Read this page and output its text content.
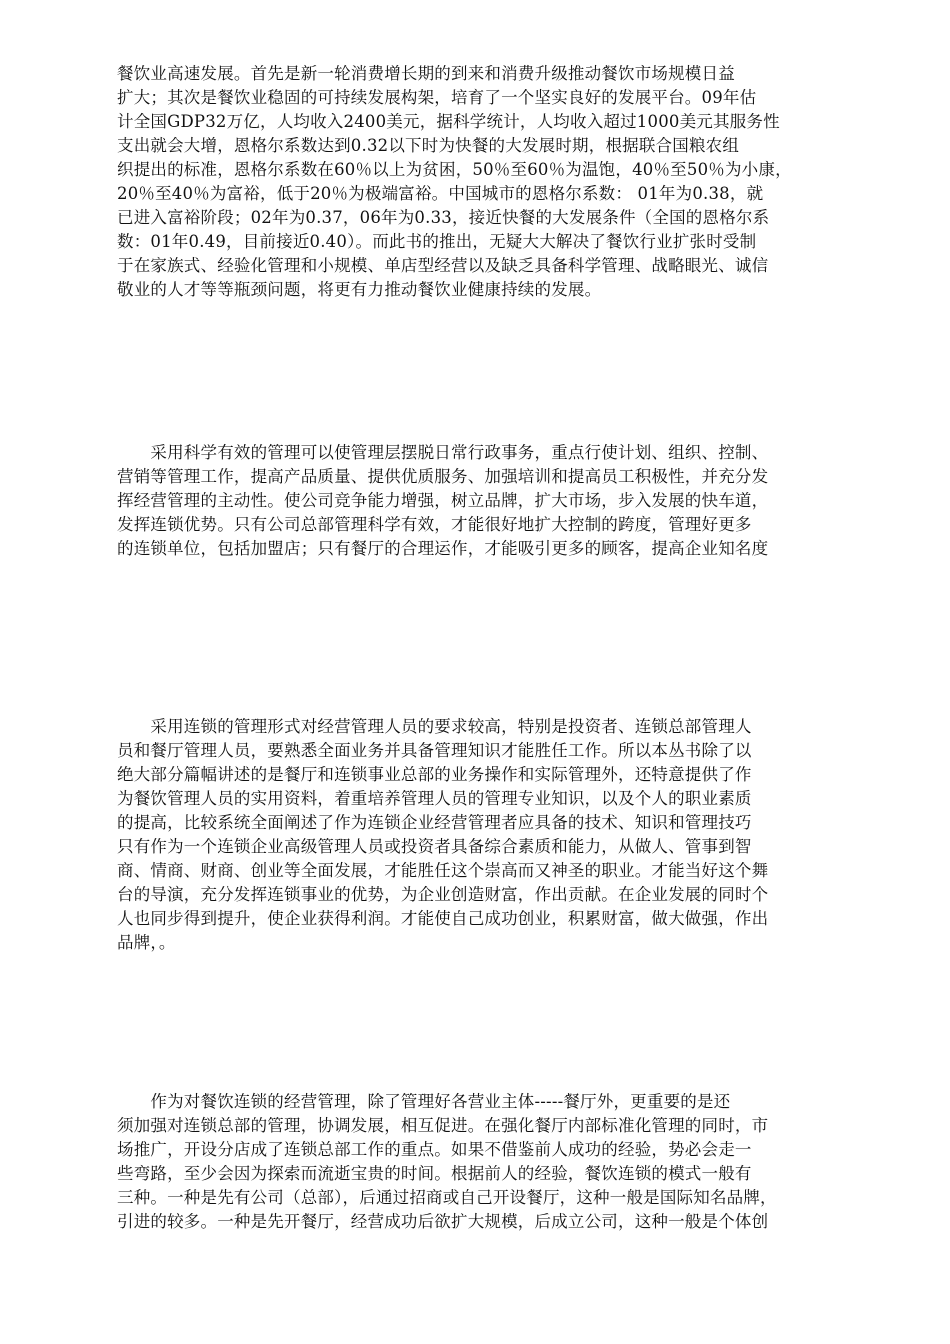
餐饮业高速发展。首先是新一轮消费增长期的到来和消费升级推动餐饮市场规模日益
扩大；其次是餐饮业稳固的可持续发展构架，培育了一个坚实良好的发展平台。09年估
计全国GDP32万亿，人均收入2400美元，据科学统计，人均收入超过1000美元其服务性
支出就会大增，恩格尔系数达到0.32以下时为快餐的大发展时期，根据联合国粮农组
织提出的标准，恩格尔系数在60％以上为贫困，50％至60％为温饱，40％至50％为小康，
20％至40％为富裕，低于20％为极端富裕。中国城市的恩格尔系数： 01年为0.38，就
已进入富裕阶段；02年为0.37，06年为0.33，接近快餐的大发展条件（全国的恩格尔系
数：01年0.49，目前接近0.40）。而此书的推出，无疑大大解决了餐饮行业扩张时受制
于在家族式、经验化管理和小规模、单店型经营以及缺乏具备科学管理、战略眼光、诚信
敬业的人才等等瓶颈问题，将更有力推动餐饮业健康持续的发展。
　　采用科学有效的管理可以使管理层摆脱日常行政事务，重点行使计划、组织、控制、
营销等管理工作，提高产品质量、提供优质服务、加强培训和提高员工积极性，并充分发
挥经营管理的主动性。使公司竞争能力增强，树立品牌，扩大市场，步入发展的快车道，
发挥连锁优势。只有公司总部管理科学有效，才能很好地扩大控制的跨度，管理好更多
的连锁单位，包括加盟店；只有餐厅的合理运作，才能吸引更多的顾客，提高企业知名度
　　采用连锁的管理形式对经营管理人员的要求较高，特别是投资者、连锁总部管理人
员和餐厅管理人员，要熟悉全面业务并具备管理知识才能胜任工作。所以本丛书除了以
绝大部分篇幅讲述的是餐厅和连锁事业总部的业务操作和实际管理外，还特意提供了作
为餐饮管理人员的实用资料，着重培养管理人员的管理专业知识，以及个人的职业素质
的提高，比较系统全面阐述了作为连锁企业经营管理者应具备的技术、知识和管理技巧
只有作为一个连锁企业高级管理人员或投资者具备综合素质和能力，从做人、管事到智
商、情商、财商、创业等全面发展，才能胜任这个崇高而又神圣的职业。才能当好这个舞
台的导演，充分发挥连锁事业的优势，为企业创造财富，作出贡献。在企业发展的同时个
人也同步得到提升，使企业获得利润。才能使自己成功创业，积累财富，做大做强，作出
品牌，。
　　作为对餐饮连锁的经营管理，除了管理好各营业主体-----餐厅外，更重要的是还
须加强对连锁总部的管理，协调发展，相互促进。在强化餐厅内部标准化管理的同时，市
场推广，开设分店成了连锁总部工作的重点。如果不借鉴前人成功的经验，势必会走一
些弯路，至少会因为探索而流逝宝贵的时间。根据前人的经验，餐饮连锁的模式一般有
三种。一种是先有公司（总部），后通过招商或自己开设餐厅，这种一般是国际知名品牌，
引进的较多。一种是先开餐厅，经营成功后欲扩大规模，后成立公司，这种一般是个体创
